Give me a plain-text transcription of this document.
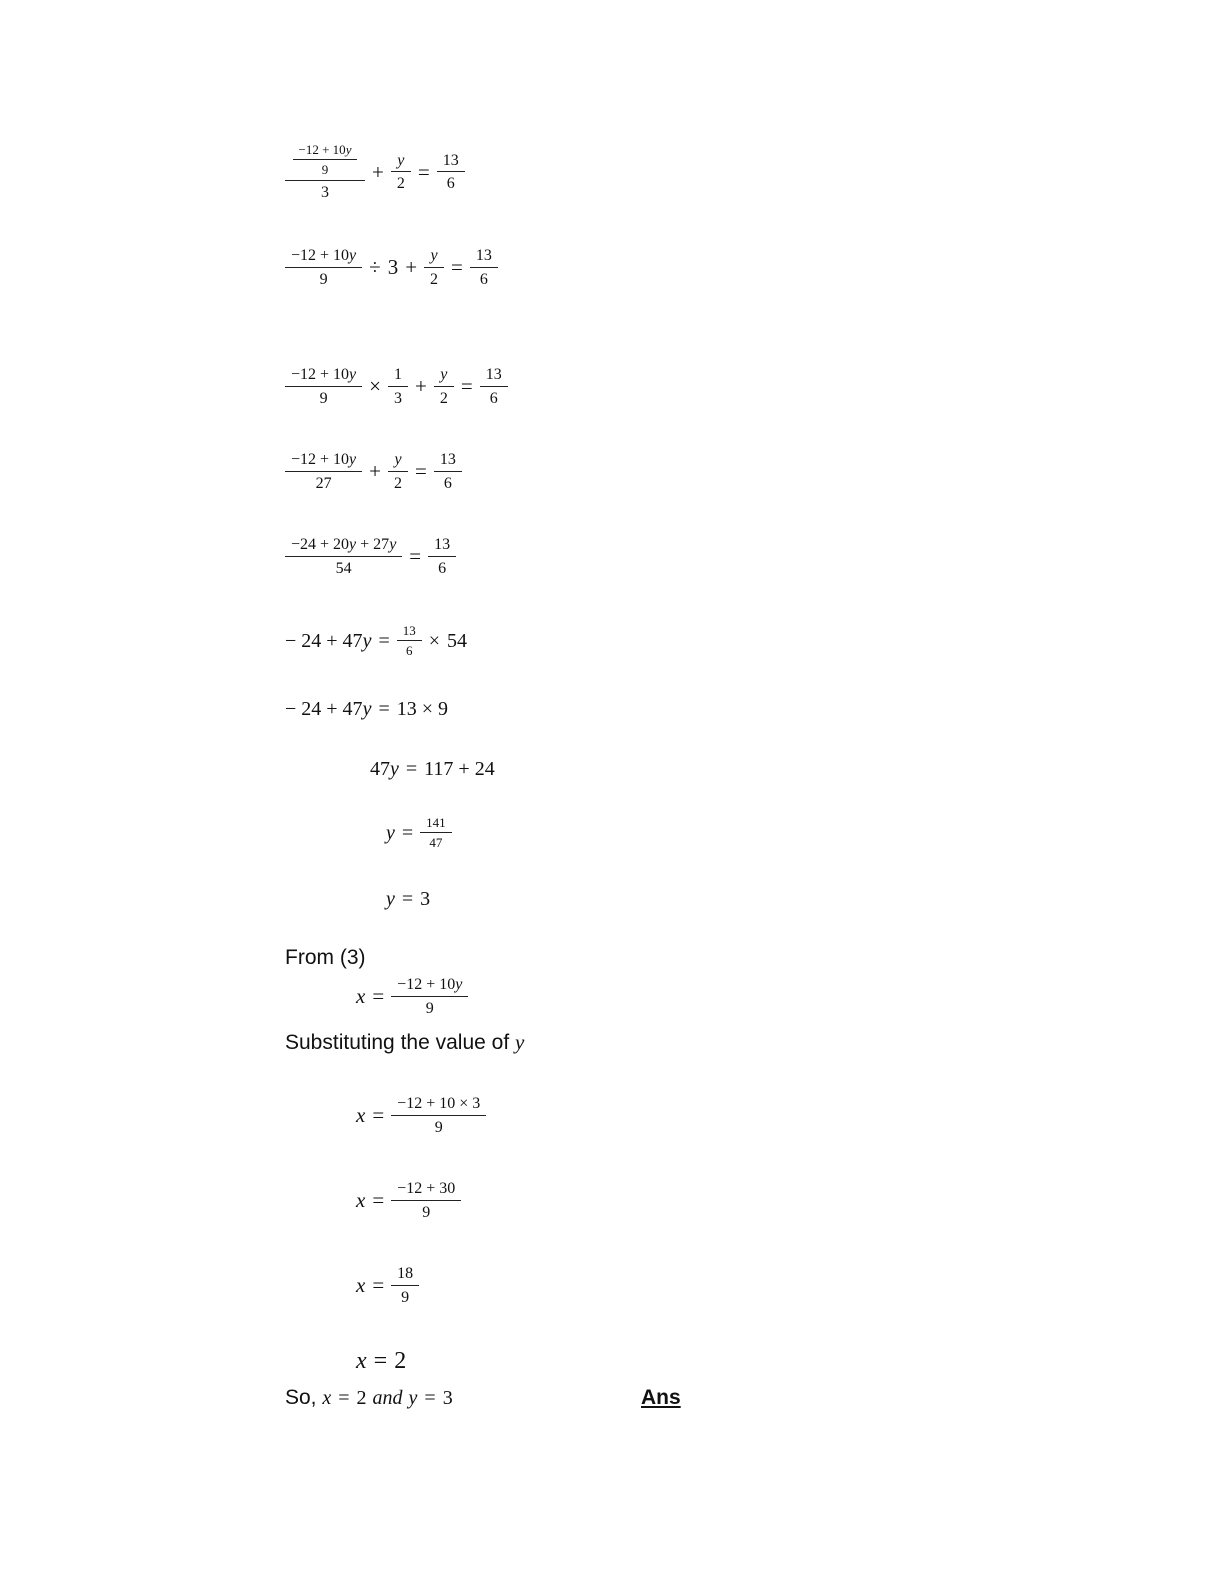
$\frac{\frac{-12 + 10y}{9}}{3} + \frac{y}{2} = \frac{13}{6}$
$\frac{-12 + 10y}{9} \div 3 + \frac{y}{2} = \frac{13}{6}$
$\frac{-12 + 10y}{9} \times \frac{1}{3} + \frac{y}{2} = \frac{13}{6}$
$\frac{-12 + 10y}{27} + \frac{y}{2} = \frac{13}{6}$
$\frac{-24 + 20y + 27y}{54} = \frac{13}{6}$
− 24 + 47 $y = \frac{13}{6} \times 54$
− 24 + 47 y = 13 × 9
47 y = 117 + 24
$y = \frac{141}{47}$
y = 3
From (3)
$x = \frac{-12 + 10y}{9}$
Substituting the value of y
$x = \frac{-12 + 10 \times 3}{9}$
$x = \frac{-12 + 30}{9}$
$x = \frac{18}{9}$
x = 2
So, x = 2 and y = 3	Ans
